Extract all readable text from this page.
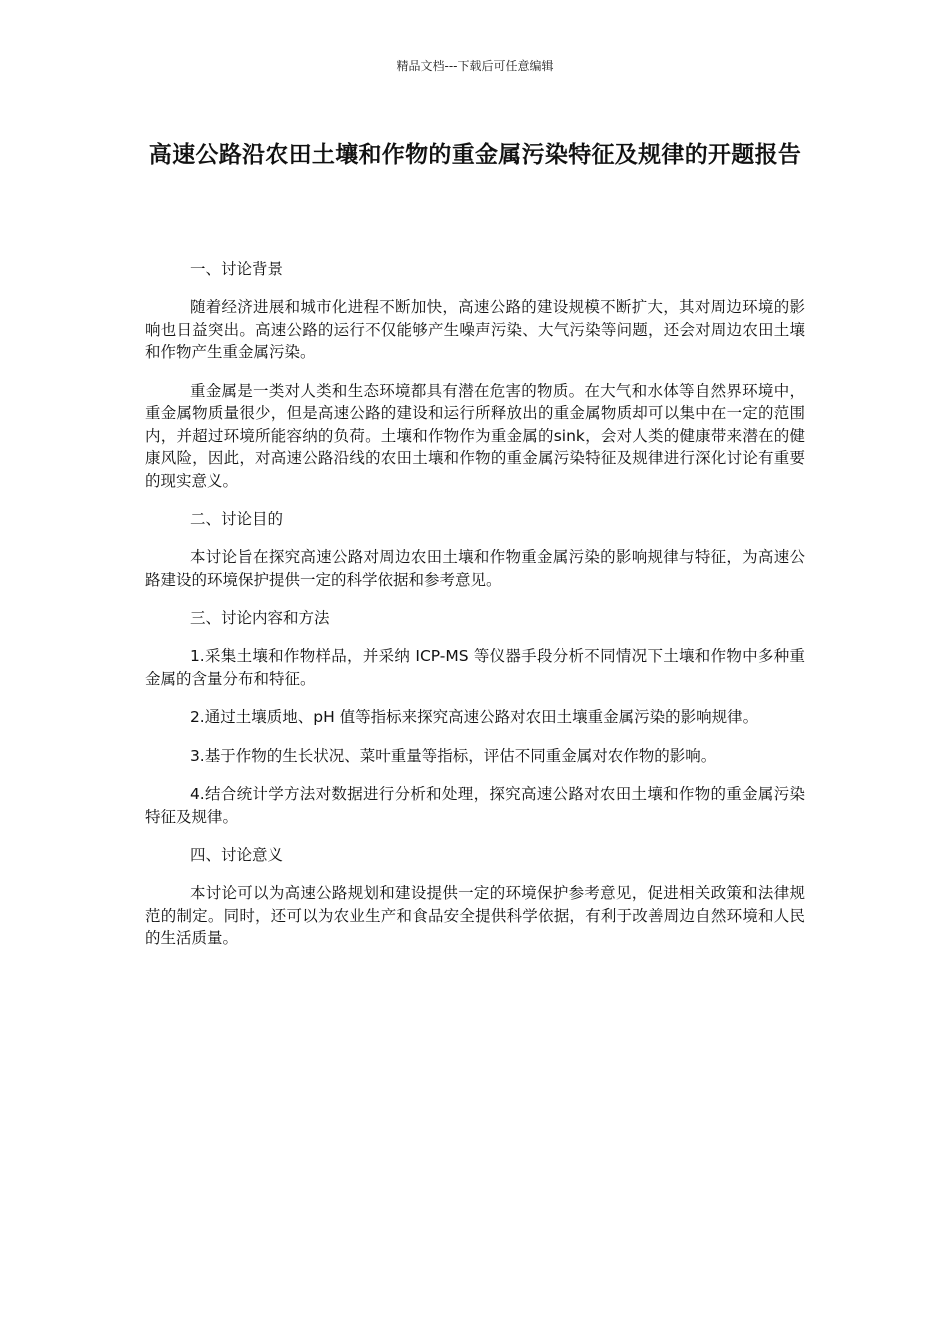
精品文档---下载后可任意编辑
高速公路沿农田土壤和作物的重金属污染特征及规律的开题报告
一、讨论背景

随着经济进展和城市化进程不断加快，高速公路的建设规模不断扩大，其对周边环境的影响也日益突出。高速公路的运行不仅能够产生噪声污染、大气污染等问题，还会对周边农田土壤和作物产生重金属污染。

重金属是一类对人类和生态环境都具有潜在危害的物质。在大气和水体等自然界环境中，重金属物质量很少，但是高速公路的建设和运行所释放出的重金属物质却可以集中在一定的范围内，并超过环境所能容纳的负荷。土壤和作物作为重金属的sink，会对人类的健康带来潜在的健康风险，因此，对高速公路沿线的农田土壤和作物的重金属污染特征及规律进行深化讨论有重要的现实意义。

二、讨论目的

本讨论旨在探究高速公路对周边农田土壤和作物重金属污染的影响规律与特征，为高速公路建设的环境保护提供一定的科学依据和参考意见。

三、讨论内容和方法

1.采集土壤和作物样品，并采纳 ICP-MS 等仪器手段分析不同情况下土壤和作物中多种重金属的含量分布和特征。

2.通过土壤质地、pH 值等指标来探究高速公路对农田土壤重金属污染的影响规律。

3.基于作物的生长状况、菜叶重量等指标，评估不同重金属对农作物的影响。

4.结合统计学方法对数据进行分析和处理，探究高速公路对农田土壤和作物的重金属污染特征及规律。

四、讨论意义

本讨论可以为高速公路规划和建设提供一定的环境保护参考意见，促进相关政策和法律规范的制定。同时，还可以为农业生产和食品安全提供科学依据，有利于改善周边自然环境和人民的生活质量。
